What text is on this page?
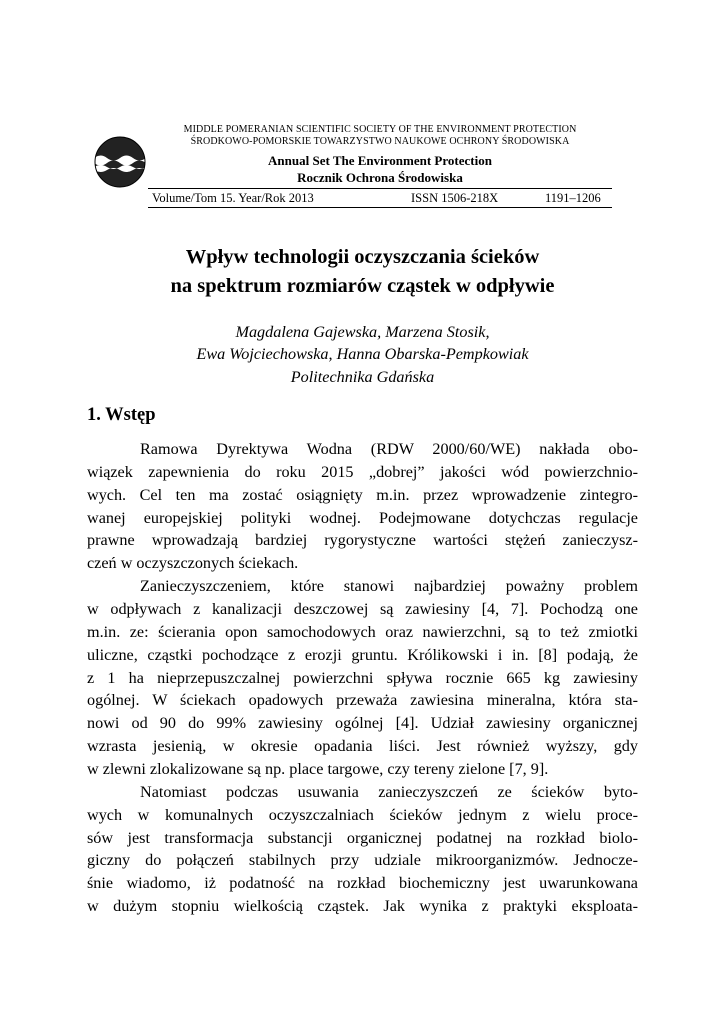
MIDDLE POMERANIAN SCIENTIFIC SOCIETY OF THE ENVIRONMENT PROTECTION
ŚRODKOWO-POMORSKIE TOWARZYSTWO NAUKOWE OCHRONY ŚRODOWISKA
Annual Set The Environment Protection
Rocznik Ochrona Środowiska
Volume/Tom 15. Year/Rok 2013	ISSN 1506-218X	1191–1206
Wpływ technologii oczyszczania ścieków
na spektrum rozmiarów cząstek w odpływie
Magdalena Gajewska, Marzena Stosik,
Ewa Wojciechowska, Hanna Obarska-Pempkowiak
Politechnika Gdańska
1. Wstęp
Ramowa Dyrektywa Wodna (RDW 2000/60/WE) nakłada obo-
wiązek zapewnienia do roku 2015 „dobrej” jakości wód powierzchnio-
wych. Cel ten ma zostać osiągnięty m.in. przez wprowadzenie zintegro-
wanej europejskiej polityki wodnej. Podejmowane dotychczas regulacje
prawne wprowadzają bardziej rygorystyczne wartości stężeń zanieczysz-
czeń w oczyszczonych ściekach.
Zanieczyszczeniem, które stanowi najbardziej poważny problem
w odpływach z kanalizacji deszczowej są zawiesiny [4, 7]. Pochodzą one
m.in. ze: ścierania opon samochodowych oraz nawierzchni, są to też zmiotki
uliczne, cząstki pochodzące z erozji gruntu. Królikowski i in. [8] podają, że
z 1 ha nieprzepuszczalnej powierzchni spływa rocznie 665 kg zawiesiny
ogólnej. W ściekach opadowych przeważa zawiesina mineralna, która sta-
nowi od 90 do 99% zawiesiny ogólnej [4]. Udział zawiesiny organicznej
wzrasta jesienią, w okresie opadania liści. Jest również wyższy, gdy
w zlewni zlokalizowane są np. place targowe, czy tereny zielone [7, 9].
Natomiast podczas usuwania zanieczyszczeń ze ścieków byto-
wych w komunalnych oczyszczalniach ścieków jednym z wielu proce-
sów jest transformacja substancji organicznej podatnej na rozkład biolo-
giczny do połączeń stabilnych przy udziale mikroorganizmów. Jednocze-
śnie wiadomo, iż podatność na rozkład biochemiczny jest uwarunkowana
w dużym stopniu wielkością cząstek. Jak wynika z praktyki eksploata-
